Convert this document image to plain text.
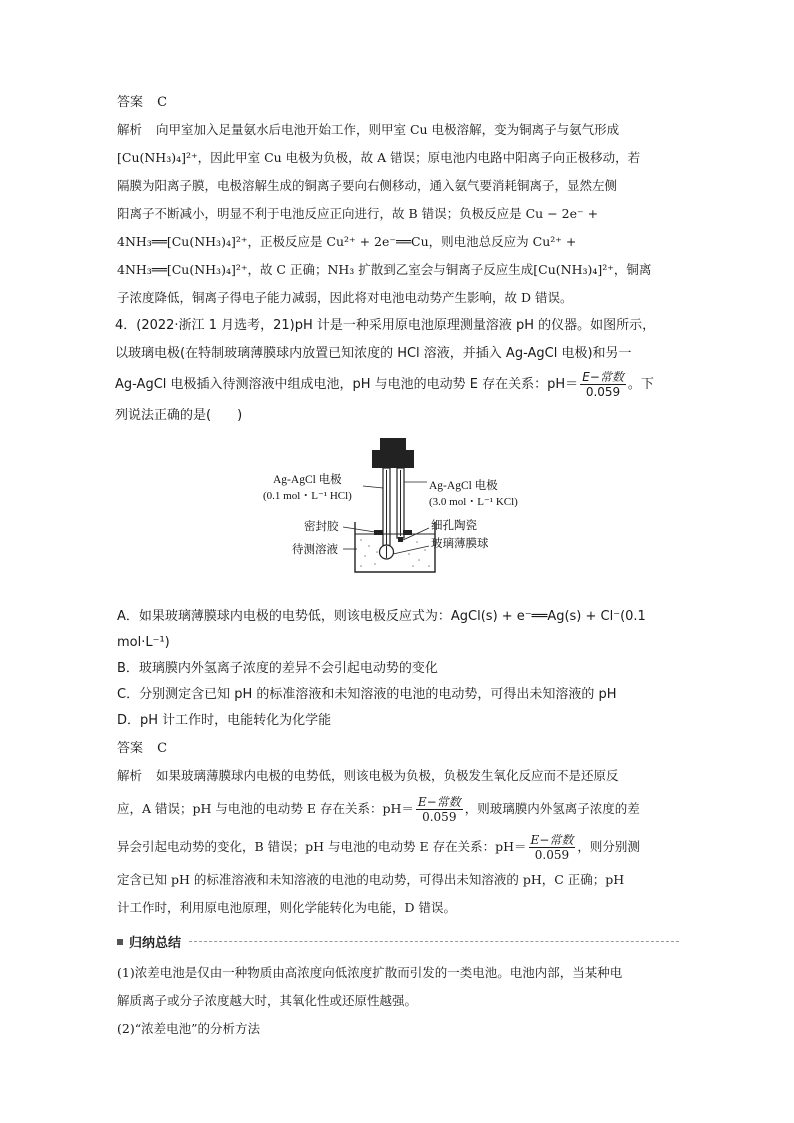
答案 C

解析 向甲室加入足量氨水后电池开始工作，则甲室 Cu 电极溶解，变为铜离子与氨气形成

[Cu(NH₃)₄]²⁺，因此甲室 Cu 电极为负极，故 A 错误；原电池内电路中阳离子向正极移动，若

隔膜为阳离子膜，电极溶解生成的铜离子要向右侧移动，通入氨气要消耗铜离子，显然左侧

阳离子不断减小，明显不利于电池反应正向进行，故 B 错误；负极反应是 Cu − 2e⁻ +

4NH₃══[Cu(NH₃)₄]²⁺，正极反应是 Cu²⁺ + 2e⁻══Cu，则电池总反应为 Cu²⁺ +

4NH₃══[Cu(NH₃)₄]²⁺，故 C 正确；NH₃ 扩散到乙室会与铜离子反应生成[Cu(NH₃)₄]²⁺，铜离

子浓度降低，铜离子得电子能力减弱，因此将对电池电动势产生影响，故 D 错误。

4．(2022·浙江 1 月选考，21)pH 计是一种采用原电池原理测量溶液 pH 的仪器。如图所示，

以玻璃电极(在特制玻璃薄膜球内放置已知浓度的 HCl 溶液，并插入 Ag-AgCl 电极)和另一

Ag-AgCl 电极插入待测溶液中组成电池，pH 与电池的电动势 E 存在关系：$pH= \frac{\text{E−常数}}{0.059}$ 。下

列说法正确的是(　　)

Ag-AgCl 电极
(0.1 mol・L⁻¹ HCl)
Ag-AgCl 电极
(3.0 mol・L⁻¹ KCl)
密封胶
待测溶液
细孔陶瓷
玻璃薄膜球

A．如果玻璃薄膜球内电极的电势低，则该电极反应式为：AgCl(s) + e⁻══Ag(s) + Cl⁻(0.1

mol·L⁻¹)

B．玻璃膜内外氢离子浓度的差异不会引起电动势的变化

C．分别测定含已知 pH 的标准溶液和未知溶液的电池的电动势，可得出未知溶液的 pH

D．pH 计工作时，电能转化为化学能

答案 C

解析 如果玻璃薄膜球内电极的电势低，则该电极为负极，负极发生氧化反应而不是还原反

应，A 错误；pH 与电池的电动势 E 存在关系：$pH= \frac{\text{E−常数}}{0.059}$ ，则玻璃膜内外氢离子浓度的差

异会引起电动势的变化，B 错误；pH 与电池的电动势 E 存在关系：$pH= \frac{\text{E−常数}}{0.059}$ ，则分别测

定含已知 pH 的标准溶液和未知溶液的电池的电动势，可得出未知溶液的 pH，C 正确；pH

计工作时，利用原电池原理，则化学能转化为电能，D 错误。

归纳总结

(1)浓差电池是仅由一种物质由高浓度向低浓度扩散而引发的一类电池。电池内部，当某种电

解质离子或分子浓度越大时，其氧化性或还原性越强。

(2)“浓差电池”的分析方法
